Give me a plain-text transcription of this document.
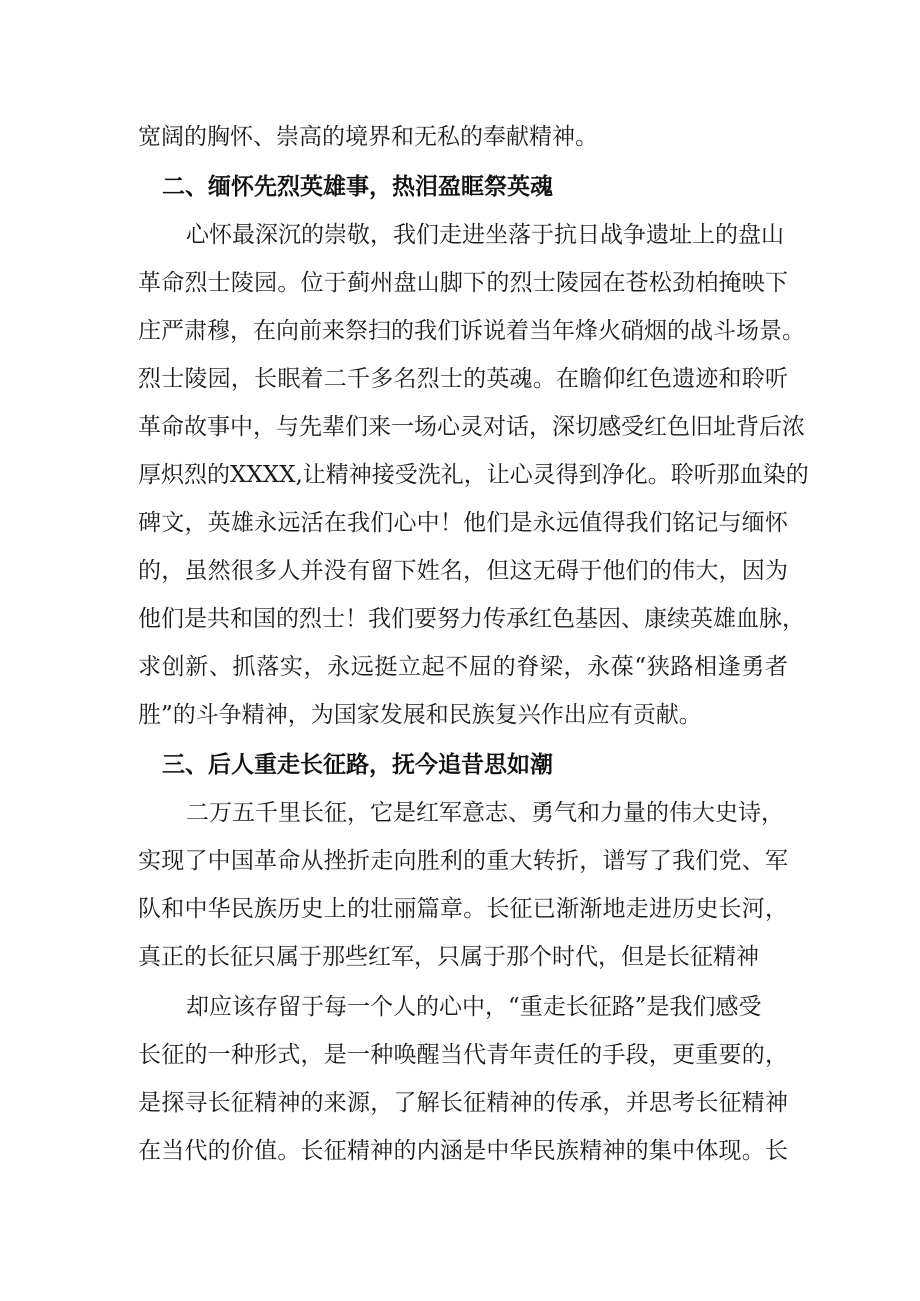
宽阔的胸怀、崇高的境界和无私的奉献精神。
二、缅怀先烈英雄事，热泪盈眶祭英魂
心怀最深沉的崇敬，我们走进坐落于抗日战争遗址上的盘山
革命烈士陵园。位于蓟州盘山脚下的烈士陵园在苍松劲柏掩映下
庄严肃穆，在向前来祭扫的我们诉说着当年烽火硝烟的战斗场景。
烈士陵园，长眠着二千多名烈士的英魂。在瞻仰红色遗迹和聆听
革命故事中，与先辈们来一场心灵对话，深切感受红色旧址背后浓
厚炽烈的XXXX,让精神接受洗礼，让心灵得到净化。聆听那血染的
碑文，英雄永远活在我们心中！他们是永远值得我们铭记与缅怀
的，虽然很多人并没有留下姓名，但这无碍于他们的伟大，因为
他们是共和国的烈士！我们要努力传承红色基因、康续英雄血脉，
求创新、抓落实，永远挺立起不屈的脊梁，永葆“狭路相逢勇者
胜”的斗争精神，为国家发展和民族复兴作出应有贡献。
三、后人重走长征路，抚今追昔思如潮
二万五千里长征，它是红军意志、勇气和力量的伟大史诗，
实现了中国革命从挫折走向胜利的重大转折，谱写了我们党、军
队和中华民族历史上的壮丽篇章。长征已渐渐地走进历史长河，
真正的长征只属于那些红军，只属于那个时代，但是长征精神
却应该存留于每一个人的心中，“重走长征路”是我们感受
长征的一种形式，是一种唤醒当代青年责任的手段，更重要的，
是探寻长征精神的来源，了解长征精神的传承，并思考长征精神
在当代的价值。长征精神的内涵是中华民族精神的集中体现。长
